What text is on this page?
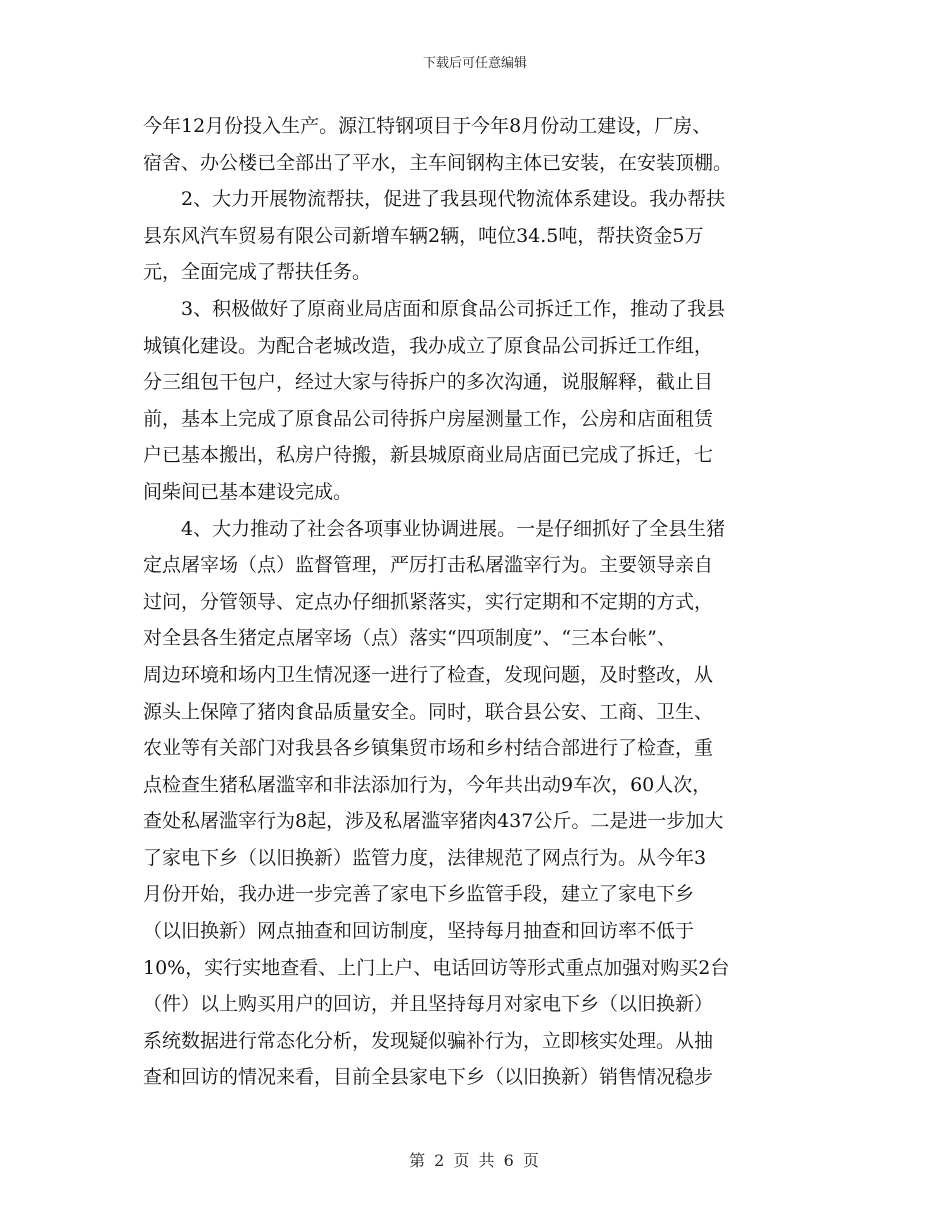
下载后可任意编辑
今年12月份投入生产。源江特钢项目于今年8月份动工建设，厂房、
宿舍、办公楼已全部出了平水，主车间钢构主体已安装，在安装顶棚。
2、大力开展物流帮扶，促进了我县现代物流体系建设。我办帮扶
县东风汽车贸易有限公司新增车辆2辆，吨位34.5吨，帮扶资金5万
元，全面完成了帮扶任务。
3、积极做好了原商业局店面和原食品公司拆迁工作，推动了我县
城镇化建设。为配合老城改造，我办成立了原食品公司拆迁工作组，
分三组包干包户，经过大家与待拆户的多次沟通，说服解释，截止目
前，基本上完成了原食品公司待拆户房屋测量工作，公房和店面租赁
户已基本搬出，私房户待搬，新县城原商业局店面已完成了拆迁，七
间柴间已基本建设完成。
4、大力推动了社会各项事业协调进展。一是仔细抓好了全县生猪
定点屠宰场（点）监督管理，严厉打击私屠滥宰行为。主要领导亲自
过问，分管领导、定点办仔细抓紧落实，实行定期和不定期的方式，
对全县各生猪定点屠宰场（点）落实“四项制度”、“三本台帐”、
周边环境和场内卫生情况逐一进行了检查，发现问题，及时整改，从
源头上保障了猪肉食品质量安全。同时，联合县公安、工商、卫生、
农业等有关部门对我县各乡镇集贸市场和乡村结合部进行了检查，重
点检查生猪私屠滥宰和非法添加行为，今年共出动9车次，60人次，
查处私屠滥宰行为8起，涉及私屠滥宰猪肉437公斤。二是进一步加大
了家电下乡（以旧换新）监管力度，法律规范了网点行为。从今年3
月份开始，我办进一步完善了家电下乡监管手段，建立了家电下乡
（以旧换新）网点抽查和回访制度，坚持每月抽查和回访率不低于
10%，实行实地查看、上门上户、电话回访等形式重点加强对购买2台
（件）以上购买用户的回访，并且坚持每月对家电下乡（以旧换新）
系统数据进行常态化分析，发现疑似骗补行为，立即核实处理。从抽
查和回访的情况来看，目前全县家电下乡（以旧换新）销售情况稳步
第 2 页 共 6 页
